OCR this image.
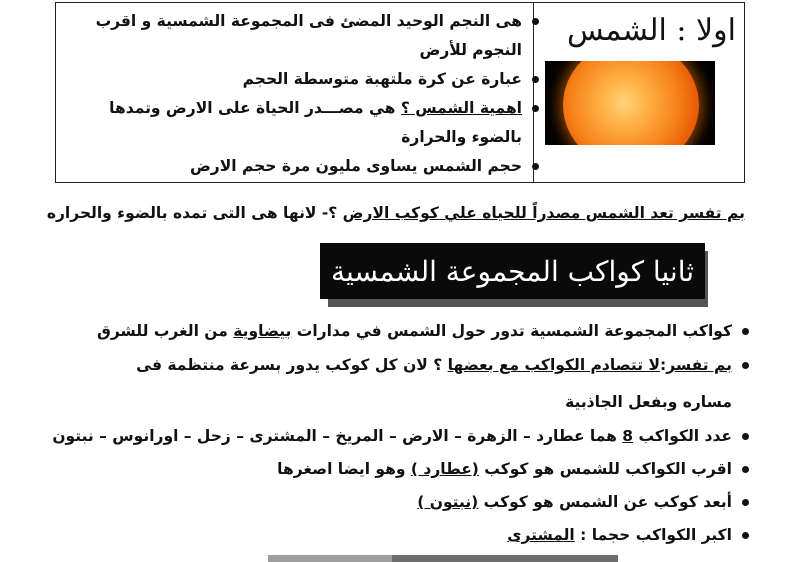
اولا : الشمس
هى النجم الوحيد المضئ فى المجموعة الشمسية و اقرب
النجوم للأرض
عبارة عن كرة ملتهبة متوسطة الحجم
اهمية الشمس ؟ هي مصـــدر الحياة على الارض وتمدها
بالضوء والحرارة
حجم الشمس يساوى مليون مرة حجم الارض
بم تفسر تعد الشمس مصدراً للحياه علي كوكب الارض ؟- لانها هى التى تمده بالضوء والحراره
ثانيا كواكب المجموعة الشمسية
كواكب المجموعة الشمسية تدور حول الشمس في مدارات بيضاوية من الغرب للشرق
بم تفسر:لا تتصادم الكواكب مع بعضها ؟ لان كل كوكب يدور بسرعة منتظمة فى
مساره وبفعل الجاذبية
عدد الكواكب 8 هما عطارد – الزهرة – الارض – المريخ – المشترى – زحل – اورانوس – نبتون
اقرب الكواكب للشمس هو كوكب (عطارد ) وهو ايضا اصغرها
أبعد كوكب عن الشمس هو كوكب (نبتون )
اكبر الكواكب حجما : المشترى
